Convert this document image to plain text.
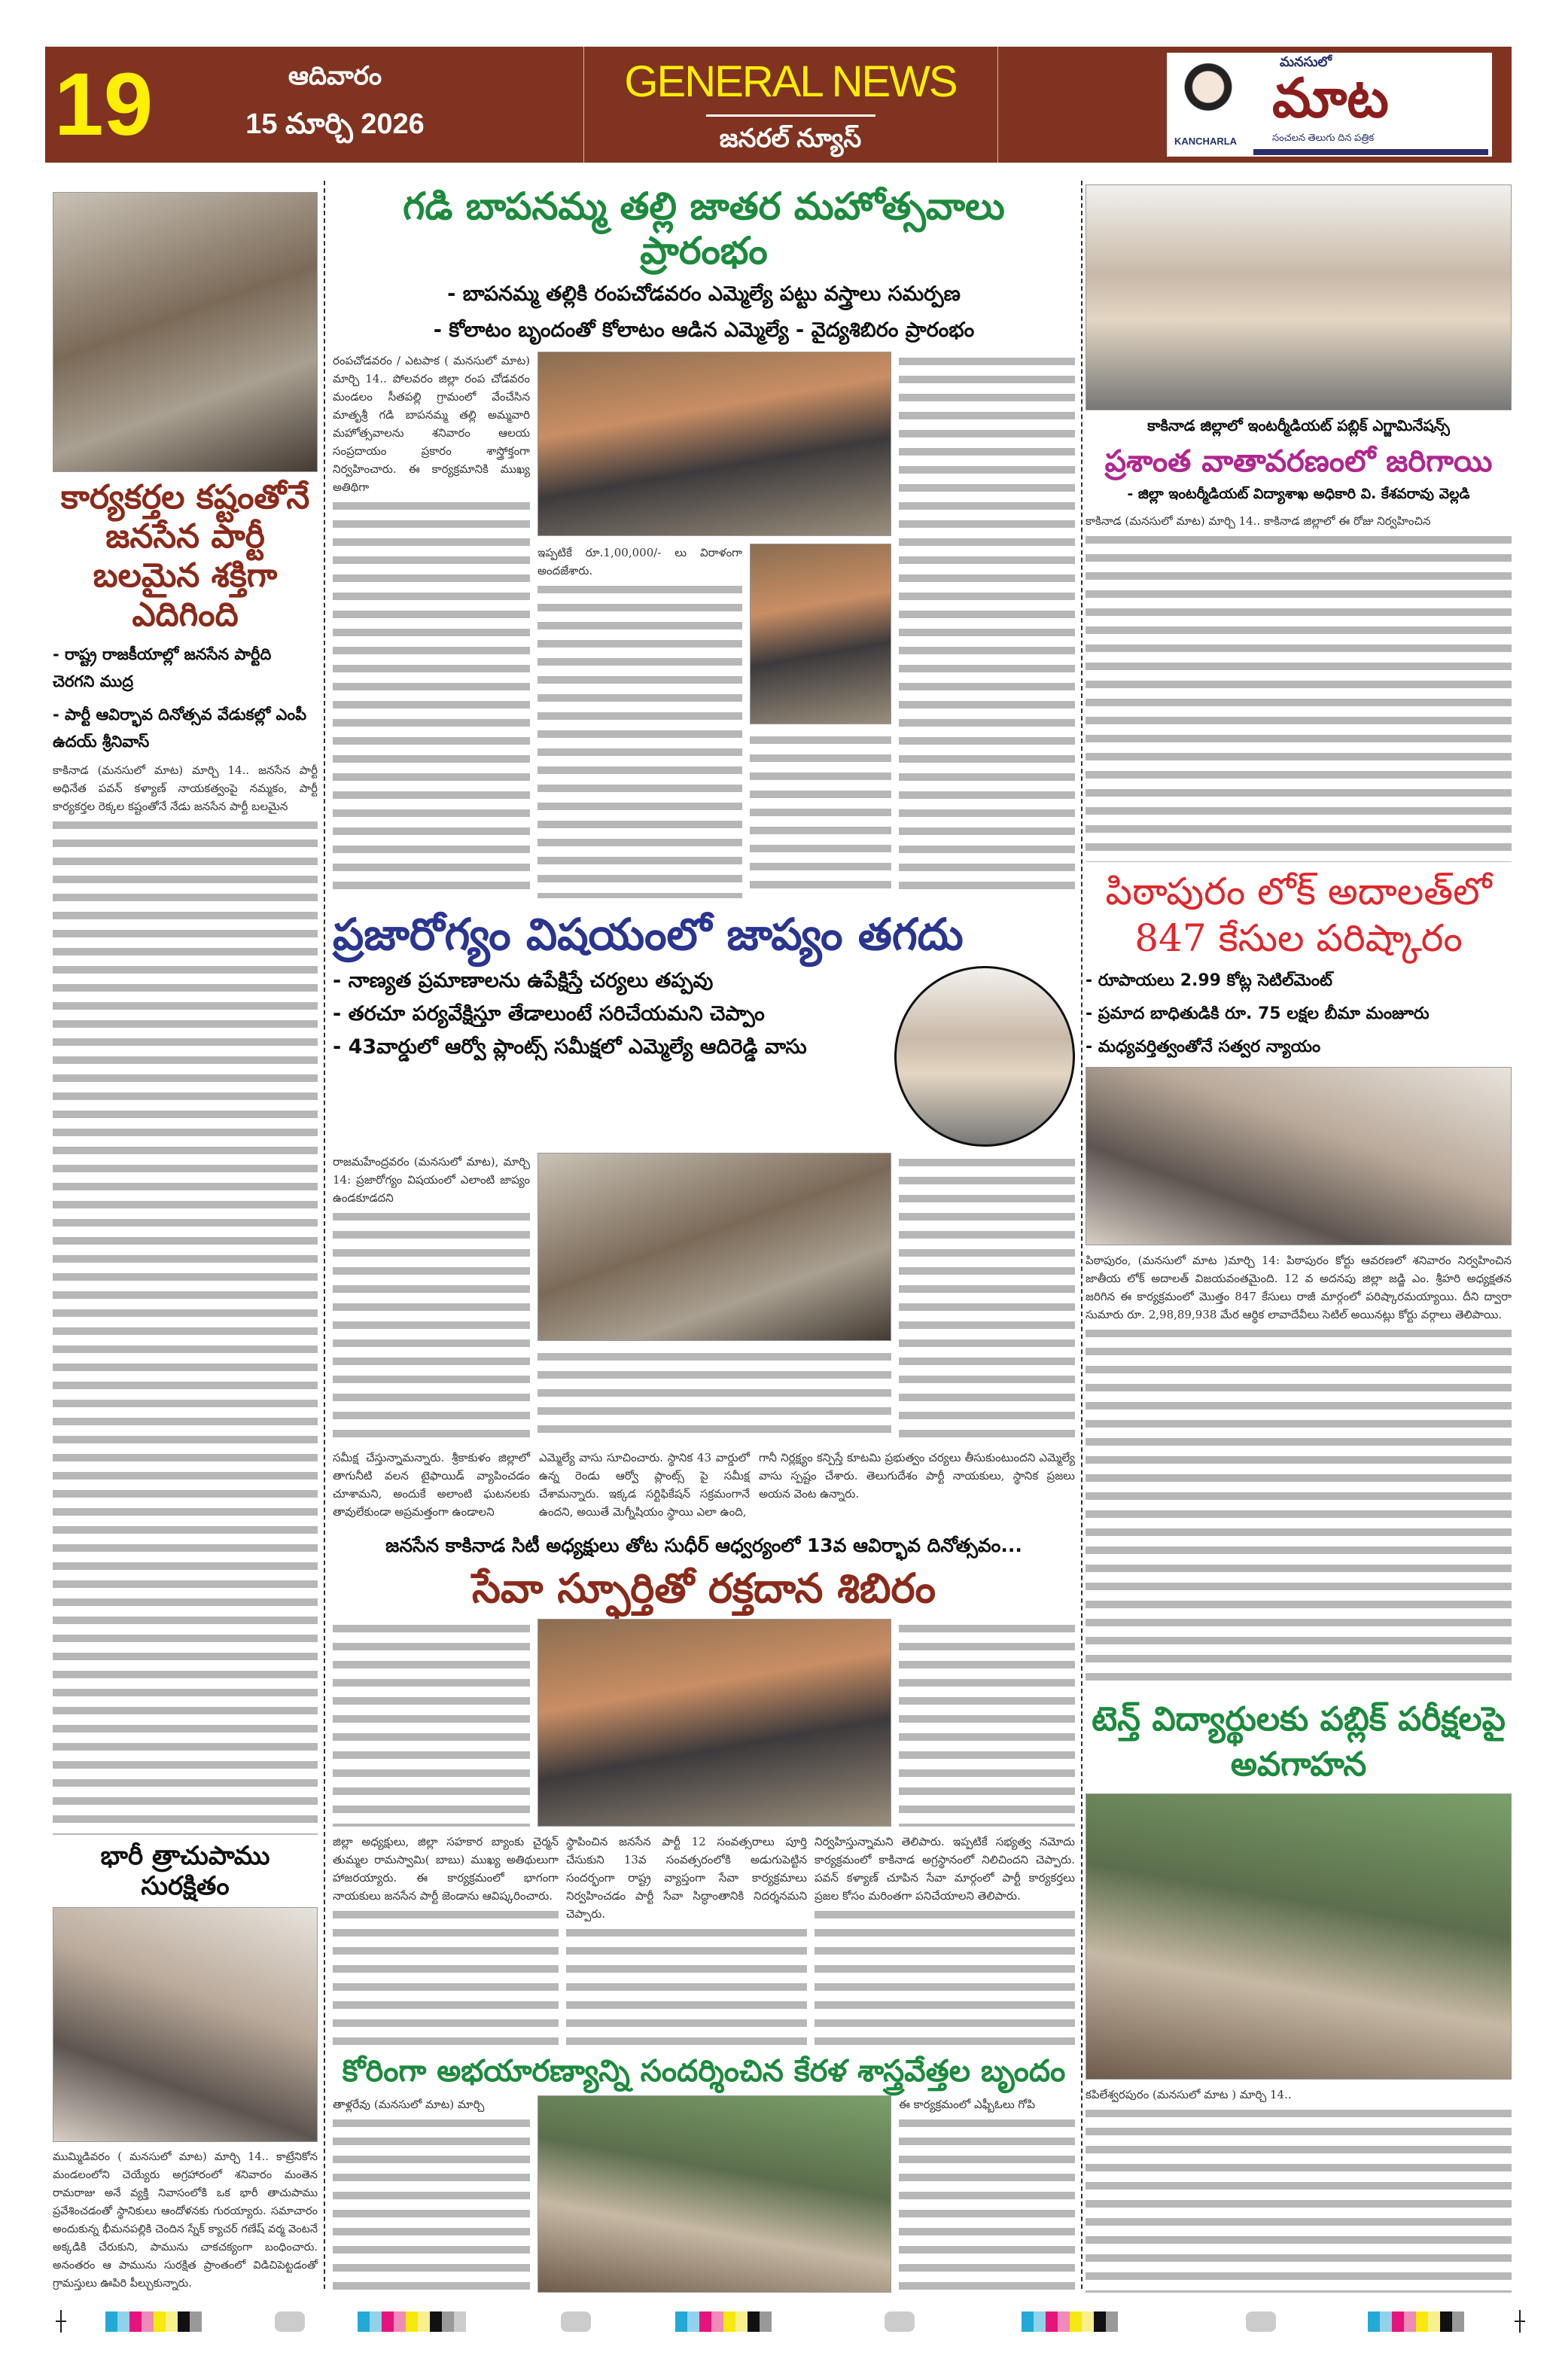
19	ఆదివారం
15 మార్చి 2026
GENERAL NEWS
జనరల్ న్యూస్	KANCHARLA
మనసులో
మాట
సంచలన తెలుగు దిన పత్రిక
కార్యకర్తల కష్టంతోనే జనసేన పార్టీ బలమైన శక్తిగా ఎదిగింది
- రాష్ట్ర రాజకీయాల్లో జనసేన పార్టీది చెరగని ముద్ర
- పార్టీ ఆవిర్భావ దినోత్సవ వేడుకల్లో ఎంపీ ఉదయ్ శ్రీనివాస్
కాకినాడ (మనసులో మాట) మార్చి 14.. జనసేన పార్టీ అధినేత పవన్ కళ్యాణ్ నాయకత్వంపై నమ్మకం, పార్టీ కార్యకర్తల రెక్కల కష్టంతోనే నేడు జనసేన పార్టీ బలమైన
భారీ త్రాచుపాము సురక్షితం
ముమ్మిడివరం ( మనసులో మాట) మార్చి 14.. కాట్రేనికోన మండలంలోని చెయ్యేరు అగ్రహారంలో శనివారం మంతెన రామరాజు అనే వ్యక్తి నివాసంలోకి ఒక భారీ తాచుపాము ప్రవేశించడంతో స్థానికులు ఆందోళనకు గురయ్యారు. సమాచారం అందుకున్న భీమనపల్లికి చెందిన స్నేక్ క్యాచర్ గణేష్ వర్మ వెంటనే అక్కడికి చేరుకుని, పామును చాకచక్యంగా బంధించారు. అనంతరం ఆ పామును సురక్షిత ప్రాంతంలో విడిచిపెట్టడంతో గ్రామస్తులు ఊపిరి పీల్చుకున్నారు.
గడి బాపనమ్మ తల్లి జాతర మహోత్సవాలు ప్రారంభం
- బాపనమ్మ తల్లికి రంపచోడవరం ఎమ్మెల్యే పట్టు వస్త్రాలు సమర్పణ
- కోలాటం బృందంతో కోలాటం ఆడిన ఎమ్మెల్యే - వైద్యశిబిరం ప్రారంభం
రంపచోడవరం / ఎటపాక ( మనసులో మాట) మార్చి 14.. పోలవరం జిల్లా రంప చోడవరం మండలం సీతపల్లి గ్రామంలో వేంచేసిన మాతృశ్రీ గడి బాపనమ్మ తల్లి అమ్మవారి మహోత్సవాలను శనివారం ఆలయ సంప్రదాయం ప్రకారం శాస్త్రోక్తంగా నిర్వహించారు. ఈ కార్యక్రమానికి ముఖ్య అతిథిగా
ఇప్పటికే రూ.1,00,000/- లు విరాళంగా అందజేశారు.
ప్రజారోగ్యం విషయంలో జాప్యం తగదు
- నాణ్యత ప్రమాణాలను ఉపేక్షిస్తే చర్యలు తప్పవు
- తరచూ పర్యవేక్షిస్తూ తేడాలుంటే సరిచేయమని చెప్పాం
- 43వార్డులో ఆర్వో ప్లాంట్స్ సమీక్షలో ఎమ్మెల్యే ఆదిరెడ్డి వాసు
రాజమహేంద్రవరం (మనసులో మాట), మార్చి 14: ప్రజారోగ్యం విషయంలో ఎలాంటి జాప్యం ఉండకూడదని
సమీక్ష చేస్తున్నామన్నారు. శ్రీకాకుళం జిల్లాలో తాగునీటి వలన టైఫాయిడ్ వ్యాపించడం చూశామని, అందుకే అలాంటి ఘటనలకు తావులేకుండా అప్రమత్తంగా ఉండాలని
ఎమ్మెల్యే వాసు సూచించారు. స్థానిక 43 వార్డులో ఉన్న రెండు ఆర్వో ప్లాంట్స్ పై సమీక్ష చేశామన్నారు. ఇక్కడ సర్టిఫికేషన్ సక్రమంగానే ఉందని, అయితే మెగ్నీషియం స్థాయి ఎలా ఉంది,
గానీ నిర్లక్ష్యం కన్పిస్తే కూటమి ప్రభుత్వం చర్యలు తీసుకుంటుందని ఎమ్మెల్యే వాసు స్పష్టం చేశారు. తెలుగుదేశం పార్టీ నాయకులు, స్థానిక ప్రజలు అయన వెంట ఉన్నారు.
జనసేన కాకినాడ సిటీ అధ్యక్షులు తోట సుధీర్ ఆధ్వర్యంలో 13వ ఆవిర్భావ దినోత్సవం...
సేవా స్ఫూర్తితో రక్తదాన శిబిరం
జిల్లా అధ్యక్షులు, జిల్లా సహకార బ్యాంకు చైర్మన్ తుమ్మల రామస్వామి( బాబు) ముఖ్య అతిథులుగా హాజరయ్యారు. ఈ కార్యక్రమంలో భాగంగా నాయకులు జనసేన పార్టీ జెండాను ఆవిష్కరించారు.
స్థాపించిన జనసేన పార్టీ 12 సంవత్సరాలు పూర్తి చేసుకుని 13వ సంవత్సరంలోకి అడుగుపెట్టిన సందర్భంగా రాష్ట్ర వ్యాప్తంగా సేవా కార్యక్రమాలు నిర్వహించడం పార్టీ సేవా సిద్ధాంతానికి నిదర్శనమని చెప్పారు.
నిర్వహిస్తున్నామని తెలిపారు. ఇప్పటికే సభ్యత్వ నమోదు కార్యక్రమంలో కాకినాడ అగ్రస్థానంలో నిలిచిందని చెప్పారు. పవన్ కళ్యాణ్ చూపిన సేవా మార్గంలో పార్టీ కార్యకర్తలు ప్రజల కోసం మరింతగా పనిచేయాలని తెలిపారు.
కోరింగా అభయారణ్యాన్ని సందర్శించిన కేరళ శాస్త్రవేత్తల బృందం
తాళ్లరేవు (మనసులో మాట) మార్చి	ఈ కార్యక్రమంలో ఎఫ్బీఓలు గోపి
కాకినాడ జిల్లాలో ఇంటర్మీడియట్ పబ్లిక్ ఎగ్జామినేషన్స్
ప్రశాంత వాతావరణంలో జరిగాయి
- జిల్లా ఇంటర్మీడియట్ విద్యాశాఖ అధికారి వి. కేశవరావు వెల్లడి
కాకినాడ (మనసులో మాట) మార్చి 14.. కాకినాడ జిల్లాలో ఈ రోజు నిర్వహించిన
పిఠాపురం లోక్ అదాలత్‌లో 847 కేసుల పరిష్కారం
- రూపాయలు 2.99 కోట్ల సెటిల్‌మెంట్
- ప్రమాద బాధితుడికి రూ. 75 లక్షల బీమా మంజూరు
- మధ్యవర్తిత్వంతోనే సత్వర న్యాయం
పిఠాపురం, (మనసులో మాట )మార్చి 14: పిఠాపురం కోర్టు ఆవరణలో శనివారం నిర్వహించిన జాతీయ లోక్ అదాలత్ విజయవంతమైంది. 12 వ అదనపు జిల్లా జడ్జి ఎం. శ్రీహరి అధ్యక్షతన జరిగిన ఈ కార్యక్రమంలో మొత్తం 847 కేసులు రాజీ మార్గంలో పరిష్కారమయ్యాయి. దీని ద్వారా సుమారు రూ. 2,98,89,938 మేర ఆర్థిక లావాదేవీలు సెటిల్ అయినట్లు కోర్టు వర్గాలు తెలిపాయి.
టెన్త్ విద్యార్థులకు పబ్లిక్ పరీక్షలపై అవగాహన
కపిలేశ్వరపురం (మనసులో మాట ) మార్చి 14..
